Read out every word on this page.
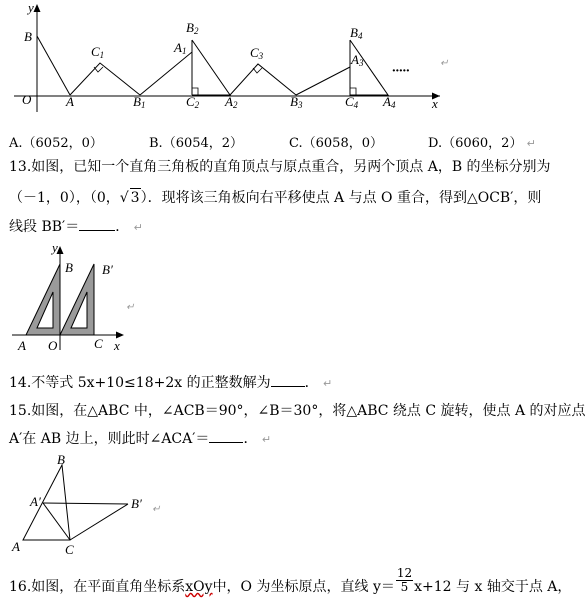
y
x
O
B
A
C1
B1
B2
A1
C2 A2
C3
B3
B4
A3
C4 A4
·····
↵
A.（6052，0）	B.（6054，2）	C.（6058，0）	D.（6060，2） ↵
13.如图，已知一个直角三角板的直角顶点与原点重合，另两个顶点 A，B 的坐标分别为
（－1，0），（0，√ 3）．现将该三角板向右平移使点 A 与点 O 重合，得到△OCB′，则
线段 BB′＝	． ↵
y
x
B B′
A O	C
↵
14.不等式 5x+10≤18+2x 的正整数解为 ． ↵
15.如图，在△ABC 中，∠ACB＝90°，∠B＝30°，将△ABC 绕点 C 旋转，使点 A 的对应点
A′在 AB 边上，则此时∠ACA′＝ ． ↵
B
A′	B′
A	C
↵
16.如图，在平面直角坐标系xOy中，O 为坐标原点，直线 $y= \frac{12}{5} x+12$ 与 x 轴交于点 A，
